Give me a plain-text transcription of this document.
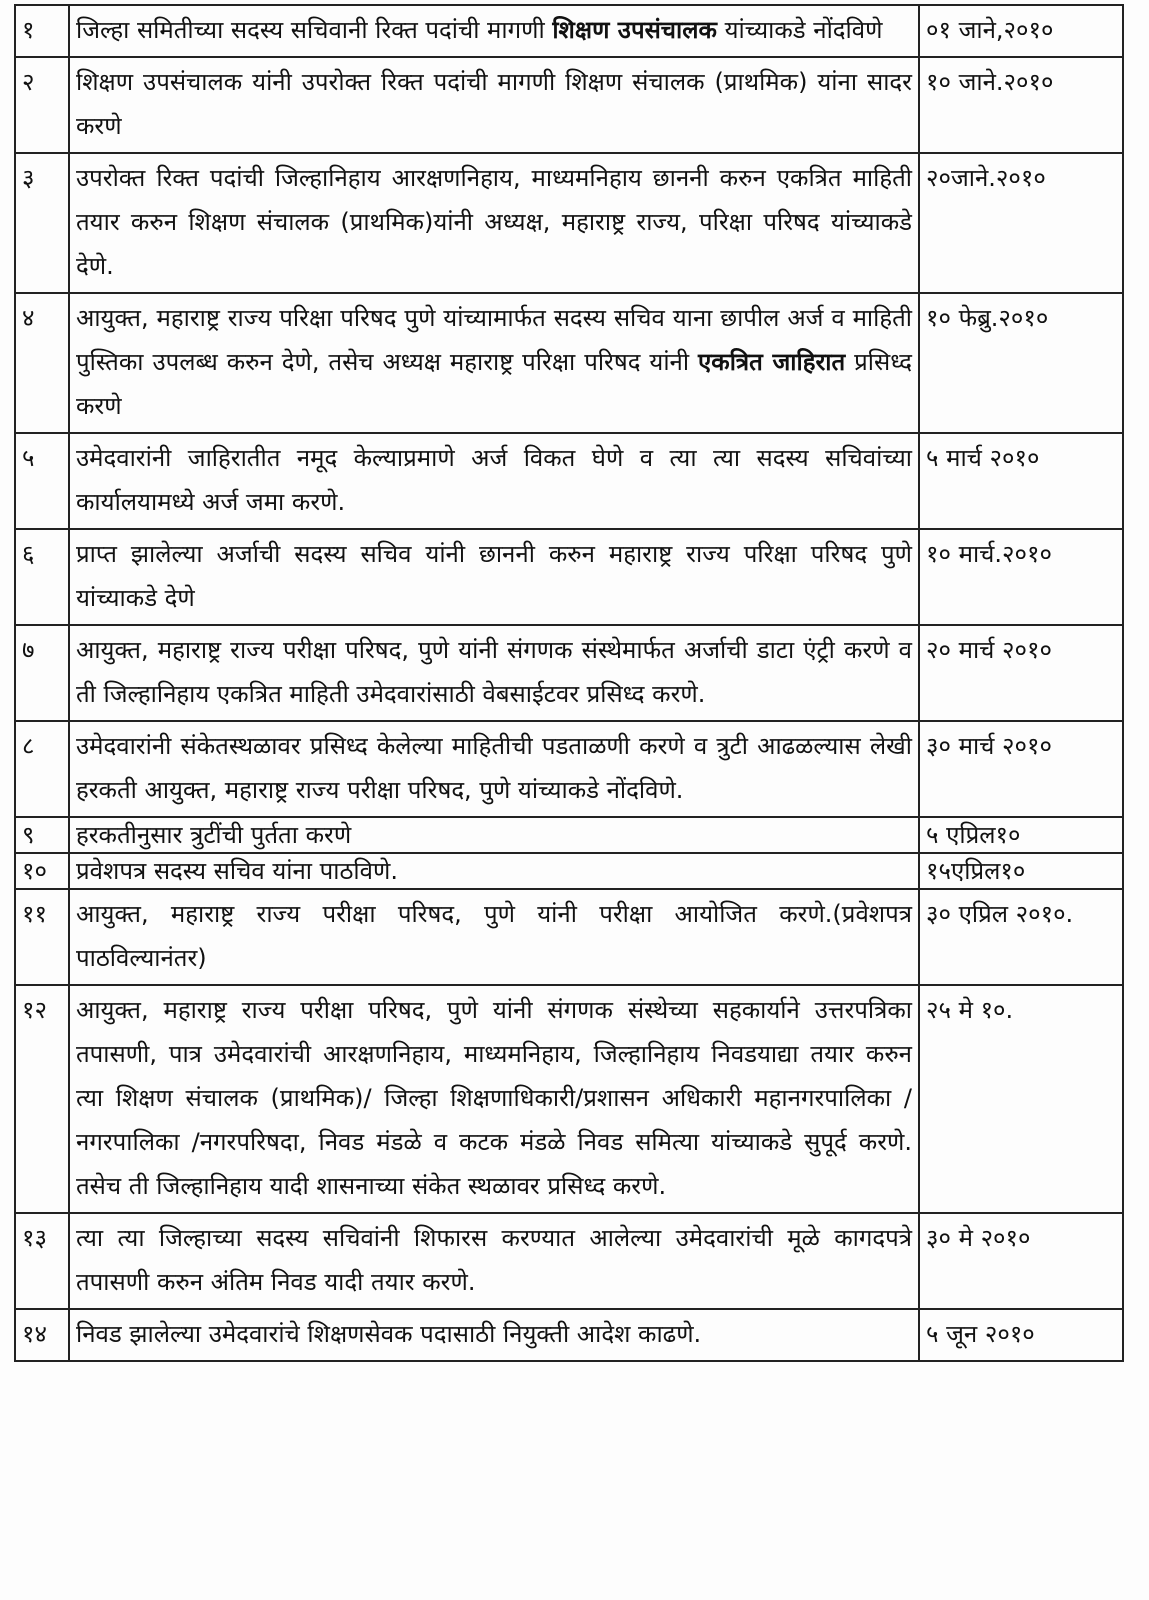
१	जिल्हा समितीच्या सदस्य सचिवानी रिक्त पदांची मागणी शिक्षण उपसंचालक यांच्याकडे नोंदविणे	०१ जाने,२०१०
२	शिक्षण उपसंचालक यांनी उपरोक्त रिक्त पदांची मागणी शिक्षण संचालक (प्राथमिक) यांना सादर करणे	१० जाने.२०१०
३	उपरोक्त रिक्त पदांची जिल्हानिहाय आरक्षणनिहाय, माध्यमनिहाय छाननी करुन एकत्रित माहिती तयार करुन शिक्षण संचालक (प्राथमिक)यांनी अध्यक्ष, महाराष्ट्र राज्य, परिक्षा परिषद यांच्याकडे देणे.	२०जाने.२०१०
४	आयुक्त, महाराष्ट्र राज्य परिक्षा परिषद पुणे यांच्यामार्फत सदस्य सचिव याना छापील अर्ज व माहिती पुस्तिका उपलब्ध करुन देणे, तसेच अध्यक्ष महाराष्ट्र परिक्षा परिषद यांनी एकत्रित जाहिरात प्रसिध्द करणे	१० फेब्रु.२०१०
५	उमेदवारांनी जाहिरातीत नमूद केल्याप्रमाणे अर्ज विकत घेणे व त्या त्या सदस्य सचिवांच्या कार्यालयामध्ये अर्ज जमा करणे.	५ मार्च २०१०
६	प्राप्त झालेल्या अर्जाची सदस्य सचिव यांनी छाननी करुन महाराष्ट्र राज्य परिक्षा परिषद पुणे यांच्याकडे देणे	१० मार्च.२०१०
७	आयुक्त, महाराष्ट्र राज्य परीक्षा परिषद, पुणे यांनी संगणक संस्थेमार्फत अर्जाची डाटा एंट्री करणे व ती जिल्हानिहाय एकत्रित माहिती उमेदवारांसाठी वेबसाईटवर प्रसिध्द करणे.	२० मार्च २०१०
८	उमेदवारांनी संकेतस्थळावर प्रसिध्द केलेल्या माहितीची पडताळणी करणे व त्रुटी आढळल्यास लेखी हरकती आयुक्त, महाराष्ट्र राज्य परीक्षा परिषद, पुणे यांच्याकडे नोंदविणे.	३० मार्च २०१०
९	हरकतीनुसार त्रुटींची पुर्तता करणे	५ एप्रिल१०
१०	प्रवेशपत्र सदस्य सचिव यांना पाठविणे.	१५एप्रिल१०
११	आयुक्त, महाराष्ट्र राज्य परीक्षा परिषद, पुणे यांनी परीक्षा आयोजित करणे.(प्रवेशपत्र पाठविल्यानंतर)	३० एप्रिल २०१०.
१२	आयुक्त, महाराष्ट्र राज्य परीक्षा परिषद, पुणे यांनी संगणक संस्थेच्या सहकार्याने उत्तरपत्रिका तपासणी, पात्र उमेदवारांची आरक्षणनिहाय, माध्यमनिहाय, जिल्हानिहाय निवडयाद्या तयार करुन त्या शिक्षण संचालक (प्राथमिक)/ जिल्हा शिक्षणाधिकारी/प्रशासन अधिकारी महानगरपालिका /नगरपालिका /नगरपरिषदा, निवड मंडळे व कटक मंडळे निवड समित्या यांच्याकडे सुपूर्द करणे. तसेच ती जिल्हानिहाय यादी शासनाच्या संकेत स्थळावर प्रसिध्द करणे.	२५ मे १०.
१३	त्या त्या जिल्हाच्या सदस्य सचिवांनी शिफारस करण्यात आलेल्या उमेदवारांची मूळे कागदपत्रे तपासणी करुन अंतिम निवड यादी तयार करणे.	३० मे २०१०
१४	निवड झालेल्या उमेदवारांचे शिक्षणसेवक पदासाठी नियुक्ती आदेश काढणे.	५ जून २०१०
